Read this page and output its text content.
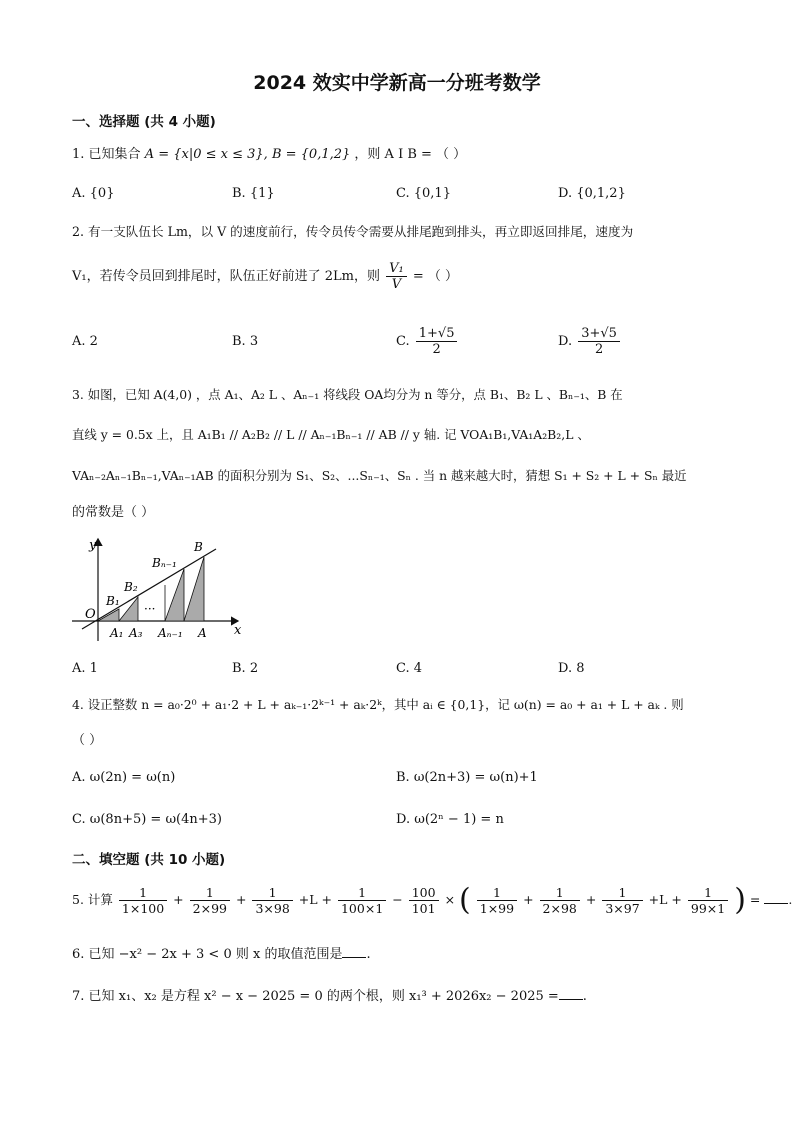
2024 效实中学新高一分班考数学
一、选择题 (共 4 小题)
1. 已知集合 A = {x|0 ≤ x ≤ 3}, B = {0,1,2} ，则 A I B = （ ）
A. {0}	B. {1}	C. {0,1}	D. {0,1,2}
2. 有一支队伍长 Lm，以 V 的速度前行，传令员传令需要从排尾跑到排头，再立即返回排尾，速度为
V₁，若传令员回到排尾时，队伍正好前进了 2Lm，则 $\frac{\text{V₁}}{V}$ = （ ）
A. 2	B. 3	C. $\frac{1+√5}{2}$	D. $\frac{3+√5}{2}$
3. 如图，已知 A(4,0) ，点 A₁、A₂ L 、Aₙ₋₁ 将线段 OA均分为 n 等分，点 B₁、B₂ L 、Bₙ₋₁、B 在
直线 y = 0.5x 上，且 A₁B₁ // A₂B₂ // L // Aₙ₋₁Bₙ₋₁ // AB // y 轴. 记 VOA₁B₁,VA₁A₂B₂,L 、
VAₙ₋₂Aₙ₋₁Bₙ₋₁,VAₙ₋₁AB 的面积分别为 S₁、S₂、...Sₙ₋₁、Sₙ . 当 n 越来越大时，猜想 S₁ + S₂ + L + Sₙ 最近
的常数是（ ）
y
x
O
B₁
B₂
Bₙ₋₁
B
···
A₁ A₃ Aₙ₋₁ A
A. 1	B. 2	C. 4	D. 8
4. 设正整数 n = a₀·2⁰ + a₁·2 + L + aₖ₋₁·2ᵏ⁻¹ + aₖ·2ᵏ，其中 aᵢ ∈ {0,1}，记 ω(n) = a₀ + a₁ + L + aₖ . 则
（ ）
A. ω(2n) = ω(n)	B. ω(2n+3) = ω(n)+1
C. ω(8n+5) = ω(4n+3)	D. ω(2ⁿ − 1) = n
二、填空题 (共 10 小题)
5. 计算 $\frac{1}{1\times 100} + \frac{1}{2\times 99} + \frac{1}{3\times 98} +L + \frac{1}{100\times 1} - \frac{100}{101}$ × ( $\frac{1}{1\times 99} + \frac{1}{2\times 98} + \frac{1}{3\times 97} +L + \frac{1}{99\times 1}$ ) = .
6. 已知 −x² − 2x + 3 < 0 则 x 的取值范围是 .
7. 已知 x₁、x₂ 是方程 x² − x − 2025 = 0 的两个根，则 x₁³ + 2026x₂ − 2025 = .
